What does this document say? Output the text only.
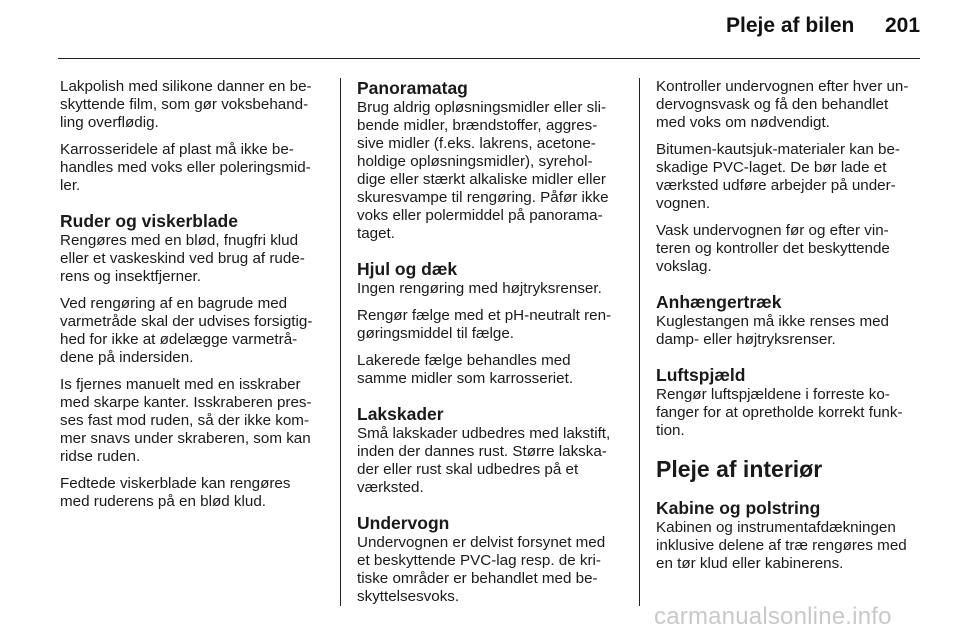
Pleje af bilen 201

Lakpolish med silikone danner en be-
skyttende film, som gør voksbehand-
ling overflødig.

Karrosseridele af plast må ikke be-
handles med voks eller poleringsmid-
ler.

Ruder og viskerblade

Rengøres med en blød, fnugfri klud
eller et vaskeskind ved brug af rude-
rens og insektfjerner.

Ved rengøring af en bagrude med
varmetråde skal der udvises forsigtig-
hed for ikke at ødelægge varmetrå-
dene på indersiden.

Is fjernes manuelt med en isskraber
med skarpe kanter. Isskraberen pres-
ses fast mod ruden, så der ikke kom-
mer snavs under skraberen, som kan
ridse ruden.

Fedtede viskerblade kan rengøres
med ruderens på en blød klud.

Panoramatag

Brug aldrig opløsningsmidler eller sli-
bende midler, brændstoffer, aggres-
sive midler (f.eks. lakrens, acetone-
holdige opløsningsmidler), syrehol-
dige eller stærkt alkaliske midler eller
skuresvampe til rengøring. Påfør ikke
voks eller polermiddel på panorama-
taget.

Hjul og dæk

Ingen rengøring med højtryksrenser.

Rengør fælge med et pH-neutralt ren-
gøringsmiddel til fælge.

Lakerede fælge behandles med
samme midler som karrosseriet.

Lakskader

Små lakskader udbedres med lakstift,
inden der dannes rust. Større lakska-
der eller rust skal udbedres på et
værksted.

Undervogn

Undervognen er delvist forsynet med
et beskyttende PVC-lag resp. de kri-
tiske områder er behandlet med be-
skyttelsesvoks.

Kontroller undervognen efter hver un-
dervognsvask og få den behandlet
med voks om nødvendigt.

Bitumen-kautsjuk-materialer kan be-
skadige PVC-laget. De bør lade et
værksted udføre arbejder på under-
vognen.

Vask undervognen før og efter vin-
teren og kontroller det beskyttende
vokslag.

Anhængertræk

Kuglestangen må ikke renses med
damp- eller højtryksrenser.

Luftspjæld

Rengør luftspjældene i forreste ko-
fanger for at opretholde korrekt funk-
tion.

Pleje af interiør
Kabine og polstring

Kabinen og instrumentafdækningen
inklusive delene af træ rengøres med
en tør klud eller kabinerens.

carmanualsonline.info
